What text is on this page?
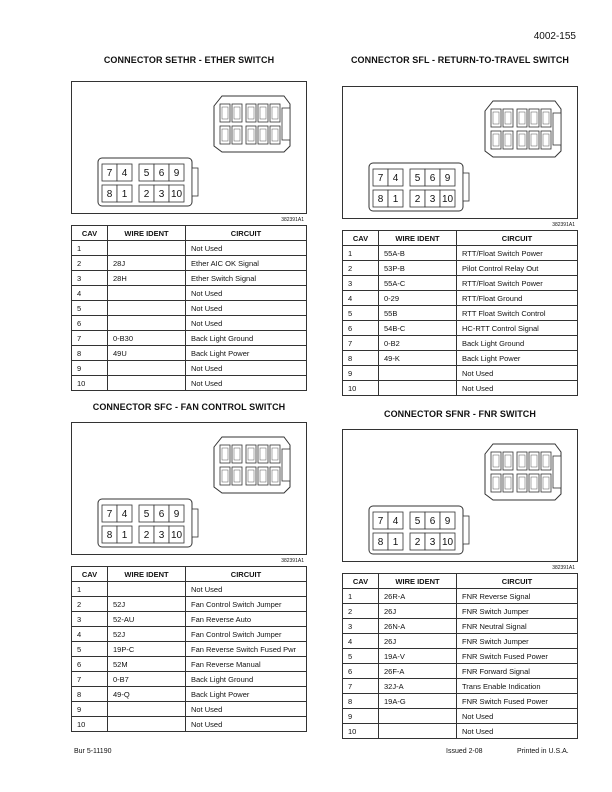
4002-155
CONNECTOR SETHR - ETHER SWITCH
7 4 5 6 9
8 1 2 3 10
382391A1
CAV	WIRE IDENT	CIRCUIT
1		Not Used
2	28J	Ether AIC OK Signal
3	28H	Ether Switch Signal
4		Not Used
5		Not Used
6		Not Used
7	0-B30	Back Light Ground
8	49U	Back Light Power
9		Not Used
10		Not Used
CONNECTOR SFL - RETURN-TO-TRAVEL SWITCH
7 4 5 6 9
8 1 2 3 10
382391A1
CAV	WIRE IDENT	CIRCUIT
1	55A-B	RTT/Float Switch Power
2	53P-B	Pilot Control Relay Out
3	55A-C	RTT/Float Switch Power
4	0-29	RTT/Float Ground
5	55B	RTT Float Switch Control
6	54B-C	HC-RTT Control Signal
7	0-B2	Back Light Ground
8	49-K	Back Light Power
9		Not Used
10		Not Used
CONNECTOR SFC - FAN CONTROL SWITCH
7 4 5 6 9
8 1 2 3 10
382391A1
CAV	WIRE IDENT	CIRCUIT
1		Not Used
2	52J	Fan Control Switch Jumper
3	52-AU	Fan Reverse Auto
4	52J	Fan Control Switch Jumper
5	19P-C	Fan Reverse Switch Fused Pwr
6	52M	Fan Reverse Manual
7	0-B7	Back Light Ground
8	49-Q	Back Light Power
9		Not Used
10		Not Used
CONNECTOR SFNR - FNR SWITCH
7 4 5 6 9
8 1 2 3 10
382391A1
CAV	WIRE IDENT	CIRCUIT
1	26R-A	FNR Reverse Signal
2	26J	FNR Switch Jumper
3	26N-A	FNR Neutral Signal
4	26J	FNR Switch Jumper
5	19A-V	FNR Switch Fused Power
6	26F-A	FNR Forward Signal
7	32J-A	Trans Enable Indication
8	19A-G	FNR Switch Fused Power
9		Not Used
10		Not Used
Bur 5-11190	Issued 2-08	Printed in U.S.A.
